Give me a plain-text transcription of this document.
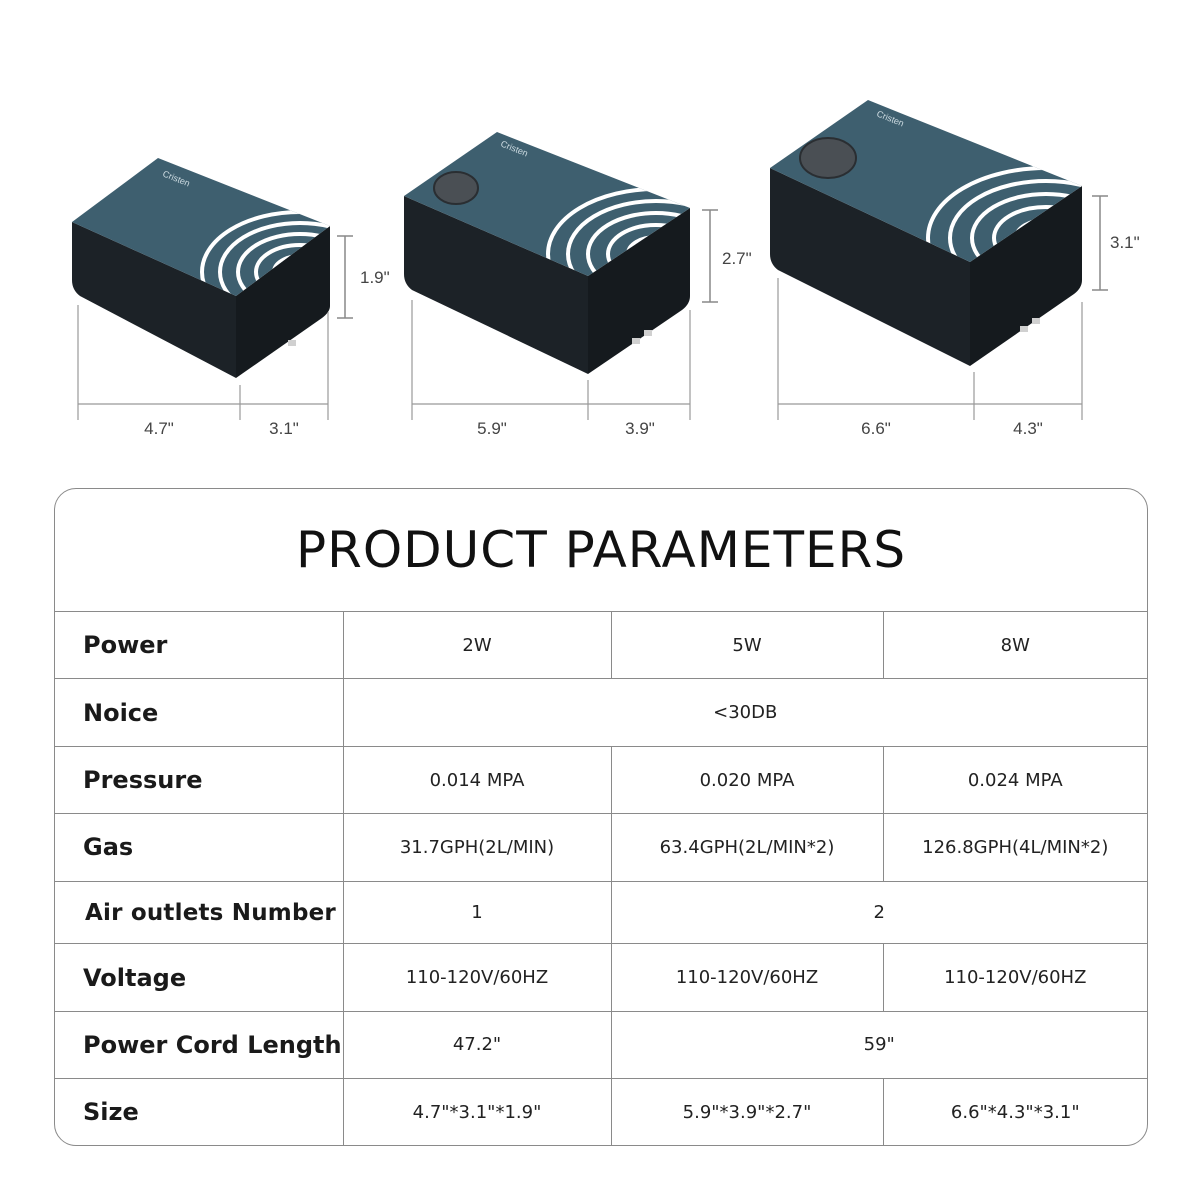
Cristen
1.9"
4.7"	3.1"
Cristen
2.7"
5.9"	3.9"
Cristen
3.1"
6.6"	4.3"
PRODUCT PARAMETERS
Power	2W	5W	8W
Noice	<30DB		
Pressure	0.014 MPA	0.020 MPA	0.024 MPA
Gas	31.7GPH(2L/MIN)	63.4GPH(2L/MIN*2)	126.8GPH(4L/MIN*2)
Air outlets Number	1	2	
Voltage	110-120V/60HZ	110-120V/60HZ	110-120V/60HZ
Power Cord Length	47.2"	59"	
Size	4.7"*3.1"*1.9"	5.9"*3.9"*2.7"	6.6"*4.3"*3.1"
